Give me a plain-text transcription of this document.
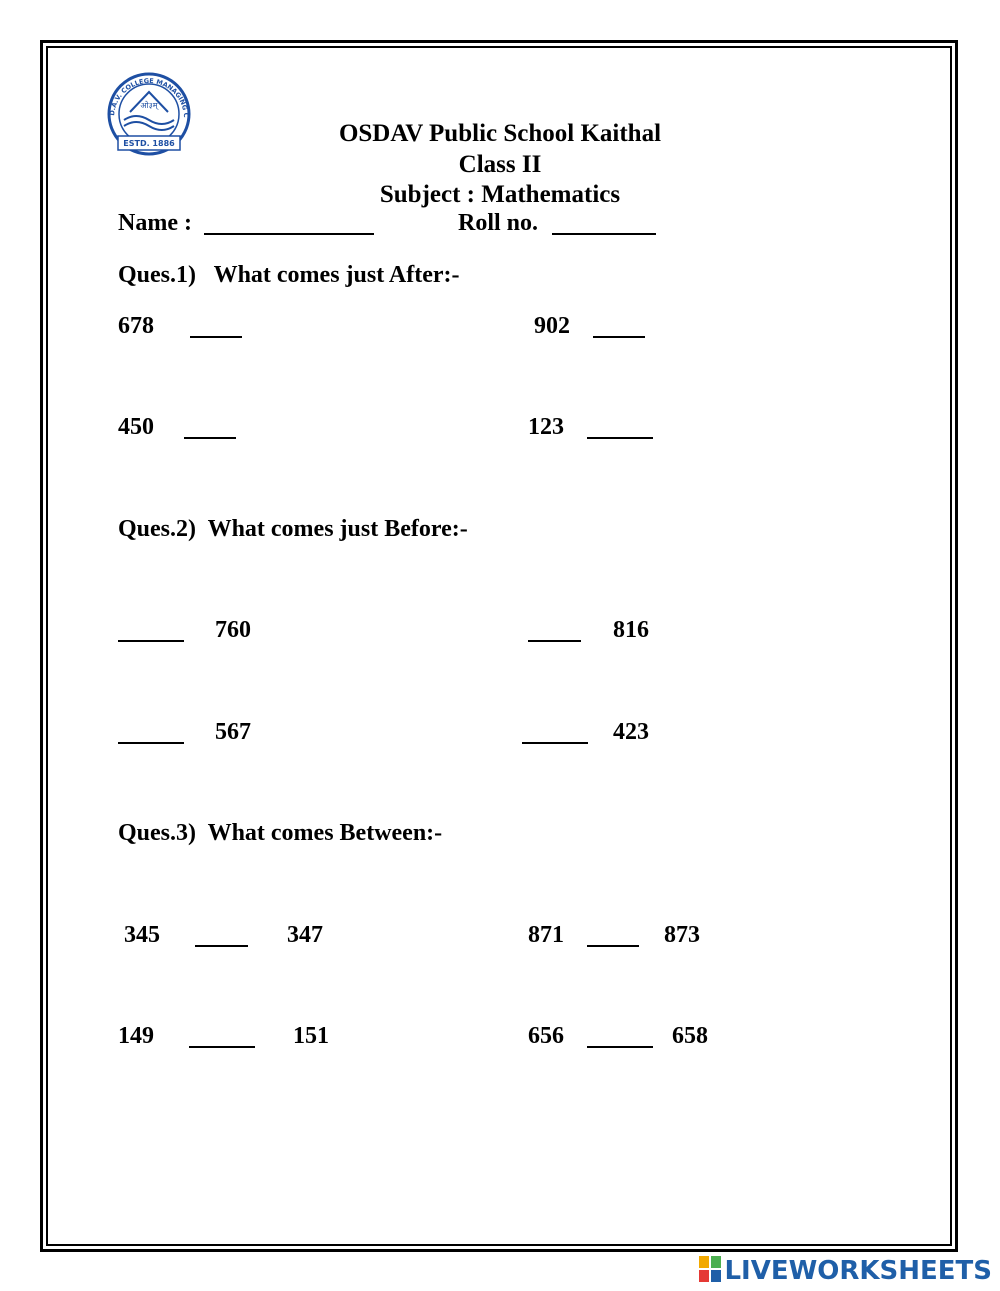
D.A.V. COLLEGE MANAGING C
ओ३म्
ESTD. 1886	OSDAV Public School Kaithal
Class II
Subject : Mathematics
Name :	Roll no.
Ques.1)   What comes just After:-
678	902
450	123
Ques.2)  What comes just Before:-
760	816
567	423
Ques.3)  What comes Between:-
345	347	871	873
149	151	656	658
LIVEWORKSHEETS
